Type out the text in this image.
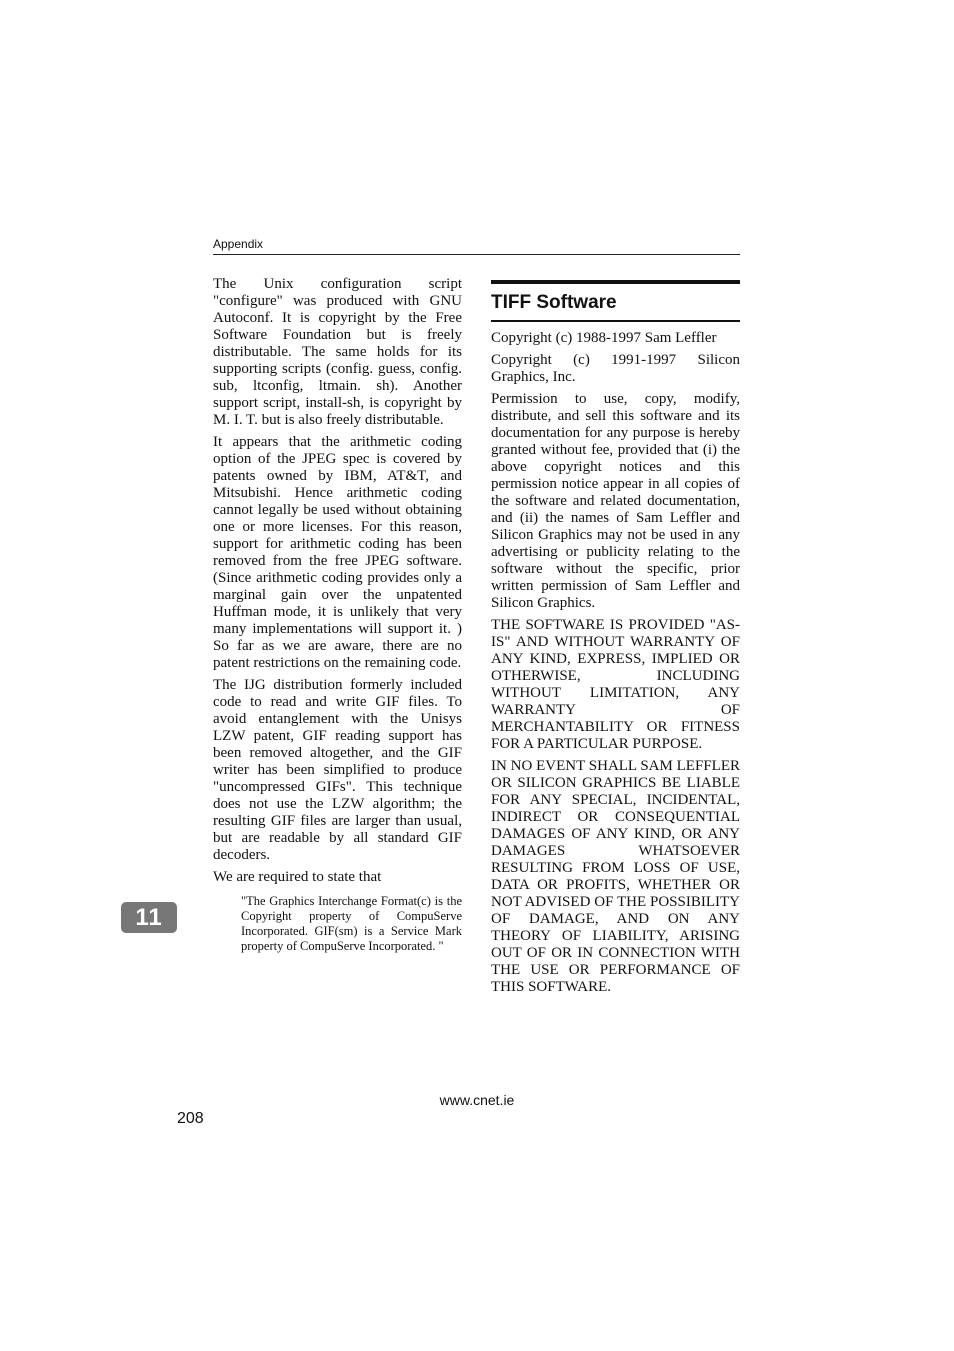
Appendix

The Unix configuration script "configure" was produced with GNU Autoconf. It is copyright by the Free Software Foundation but is freely distributable. The same holds for its supporting scripts (config. guess, config. sub, ltconfig, ltmain. sh). Another support script, install-sh, is copyright by M. I. T. but is also freely distributable.

It appears that the arithmetic coding option of the JPEG spec is covered by patents owned by IBM, AT&T, and Mitsubishi. Hence arithmetic coding cannot legally be used without obtaining one or more licenses. For this reason, support for arithmetic coding has been removed from the free JPEG software. (Since arithmetic coding provides only a marginal gain over the unpatented Huffman mode, it is unlikely that very many implementations will support it. ) So far as we are aware, there are no patent restrictions on the remaining code.

The IJG distribution formerly included code to read and write GIF files. To avoid entanglement with the Unisys LZW patent, GIF reading support has been removed altogether, and the GIF writer has been simplified to produce "uncompressed GIFs". This technique does not use the LZW algorithm; the resulting GIF files are larger than usual, but are readable by all standard GIF decoders.

We are required to state that

"The Graphics Interchange Format(c) is the Copyright property of CompuServe Incorporated. GIF(sm) is a Service Mark property of CompuServe Incorporated. "

TIFF Software

Copyright (c) 1988-1997 Sam Leffler

Copyright (c) 1991-1997 Silicon Graphics, Inc.

Permission to use, copy, modify, distribute, and sell this software and its documentation for any purpose is hereby granted without fee, provided that (i) the above copyright notices and this permission notice appear in all copies of the software and related documentation, and (ii) the names of Sam Leffler and Silicon Graphics may not be used in any advertising or publicity relating to the software without the specific, prior written permission of Sam Leffler and Silicon Graphics.

THE SOFTWARE IS PROVIDED "AS-IS" AND WITHOUT WARRANTY OF ANY KIND, EXPRESS, IMPLIED OR OTHERWISE, INCLUDING WITHOUT LIMITATION, ANY WARRANTY OF MERCHANTABILITY OR FITNESS FOR A PARTICULAR PURPOSE.

IN NO EVENT SHALL SAM LEFFLER OR SILICON GRAPHICS BE LIABLE FOR ANY SPECIAL, INCIDENTAL, INDIRECT OR CONSEQUENTIAL DAMAGES OF ANY KIND, OR ANY DAMAGES WHATSOEVER RESULTING FROM LOSS OF USE, DATA OR PROFITS, WHETHER OR NOT ADVISED OF THE POSSIBILITY OF DAMAGE, AND ON ANY THEORY OF LIABILITY, ARISING OUT OF OR IN CONNECTION WITH THE USE OR PERFORMANCE OF THIS SOFTWARE.

11
www.cnet.ie
208
